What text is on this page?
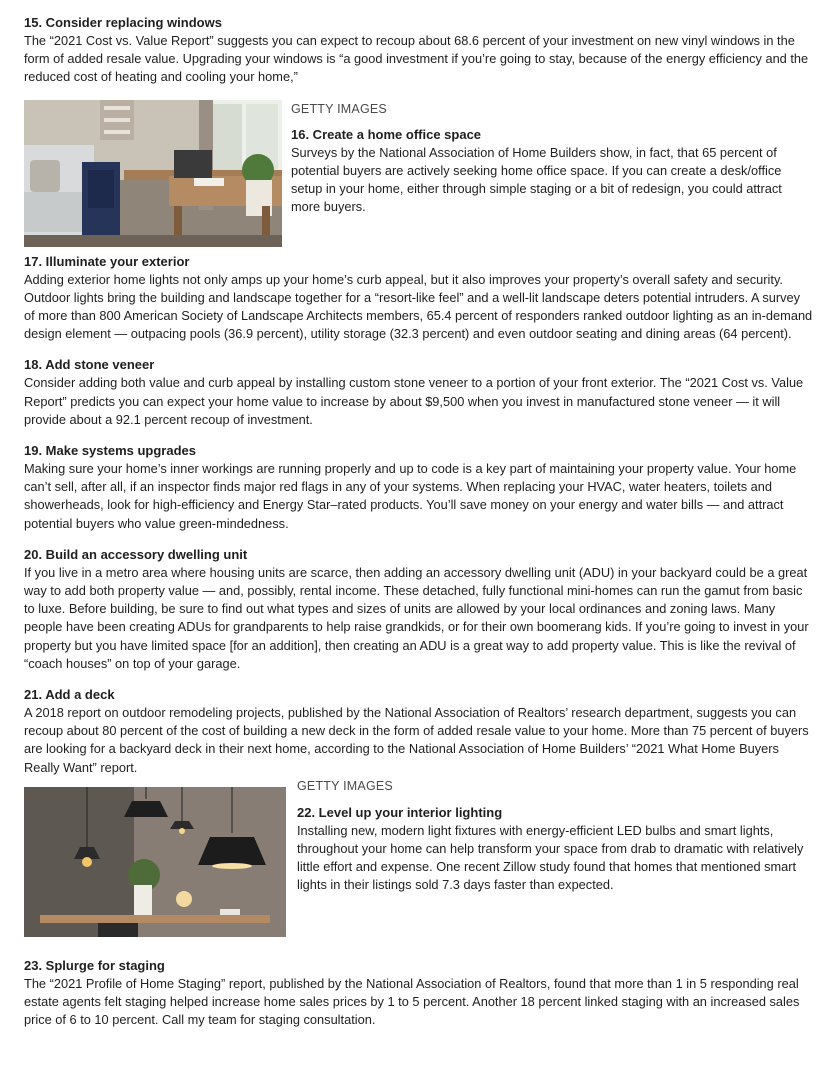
15. Consider replacing windows

The “2021 Cost vs. Value Report” suggests you can expect to recoup about 68.6 percent of your investment on new vinyl windows in the form of added resale value. Upgrading your windows is “a good investment if you’re going to stay, because of the energy efficiency and the reduced cost of heating and cooling your home,”

GETTY IMAGES
16. Create a home office space

Surveys by the National Association of Home Builders show, in fact, that 65 percent of potential buyers are actively seeking home office space. If you can create a desk/office setup in your home, either through simple staging or a bit of redesign, you could attract more buyers.

17. Illuminate your exterior

Adding exterior home lights not only amps up your home’s curb appeal, but it also improves your property’s overall safety and security. Outdoor lights bring the building and landscape together for a “resort-like feel” and a well-lit landscape deters potential intruders. A survey of more than 800 American Society of Landscape Architects members, 65.4 percent of responders ranked outdoor lighting as an in-demand design element — outpacing pools (36.9 percent), utility storage (32.3 percent) and even outdoor seating and dining areas (64 percent).

18. Add stone veneer

Consider adding both value and curb appeal by installing custom stone veneer to a portion of your front exterior. The “2021 Cost vs. Value Report” predicts you can expect your home value to increase by about $9,500 when you invest in manufactured stone veneer — it will provide about a 92.1 percent recoup of investment.

19. Make systems upgrades

Making sure your home’s inner workings are running properly and up to code is a key part of maintaining your property value. Your home can’t sell, after all, if an inspector finds major red flags in any of your systems. When replacing your HVAC, water heaters, toilets and showerheads, look for high-efficiency and Energy Star–rated products. You’ll save money on your energy and water bills — and attract potential buyers who value green-mindedness.

20. Build an accessory dwelling unit

If you live in a metro area where housing units are scarce, then adding an accessory dwelling unit (ADU) in your backyard could be a great way to add both property value — and, possibly, rental income. These detached, fully functional mini-homes can run the gamut from basic to luxe. Before building, be sure to find out what types and sizes of units are allowed by your local ordinances and zoning laws. Many people have been creating ADUs for grandparents to help raise grandkids, or for their own boomerang kids. If you’re going to invest in your property but you have limited space [for an addition], then creating an ADU is a great way to add property value. This is like the revival of “coach houses” on top of your garage.

21. Add a deck

A 2018 report on outdoor remodeling projects, published by the National Association of Realtors’ research department, suggests you can recoup about 80 percent of the cost of building a new deck in the form of added resale value to your home. More than 75 percent of buyers are looking for a backyard deck in their next home, according to the National Association of Home Builders’ “2021 What Home Buyers Really Want” report.

GETTY IMAGES
22. Level up your interior lighting

Installing new, modern light fixtures with energy-efficient LED bulbs and smart lights, throughout your home can help transform your space from drab to dramatic with relatively little effort and expense. One recent Zillow study found that homes that mentioned smart lights in their listings sold 7.3 days faster than expected.

23. Splurge for staging

The “2021 Profile of Home Staging” report, published by the National Association of Realtors, found that more than 1 in 5 responding real estate agents felt staging helped increase home sales prices by 1 to 5 percent. Another 18 percent linked staging with an increased sales price of 6 to 10 percent. Call my team for staging consultation.
